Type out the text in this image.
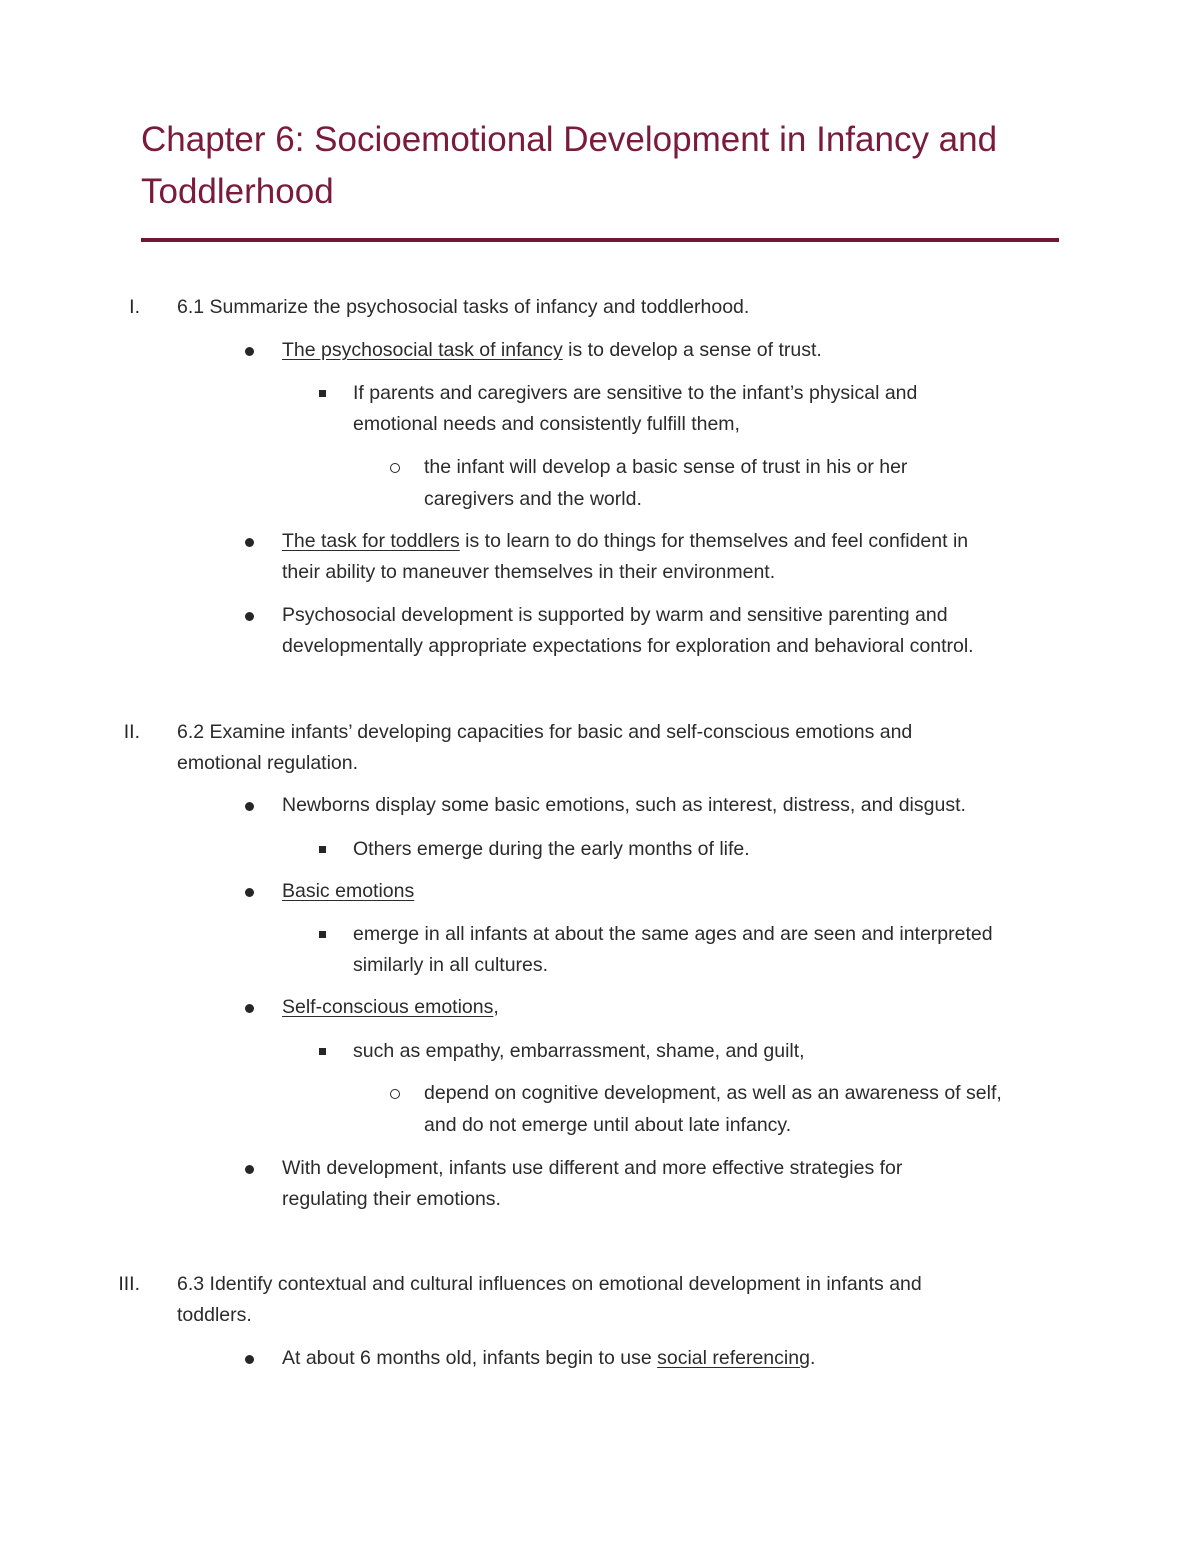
Chapter 6: Socioemotional Development in Infancy and
Toddlerhood
I. 6.1 Summarize the psychosocial tasks of infancy and toddlerhood.
The psychosocial task of infancy is to develop a sense of trust.
If parents and caregivers are sensitive to the infant’s physical and
emotional needs and consistently fulfill them,
the infant will develop a basic sense of trust in his or her
caregivers and the world.
The task for toddlers is to learn to do things for themselves and feel confident in
their ability to maneuver themselves in their environment.
Psychosocial development is supported by warm and sensitive parenting and
developmentally appropriate expectations for exploration and behavioral control.
II. 6.2 Examine infants’ developing capacities for basic and self-conscious emotions and
emotional regulation.
Newborns display some basic emotions, such as interest, distress, and disgust.
Others emerge during the early months of life.
Basic emotions
emerge in all infants at about the same ages and are seen and interpreted
similarly in all cultures.
Self-conscious emotions,
such as empathy, embarrassment, shame, and guilt,
depend on cognitive development, as well as an awareness of self,
and do not emerge until about late infancy.
With development, infants use different and more effective strategies for
regulating their emotions.
III. 6.3 Identify contextual and cultural influences on emotional development in infants and
toddlers.
At about 6 months old, infants begin to use social referencing.
